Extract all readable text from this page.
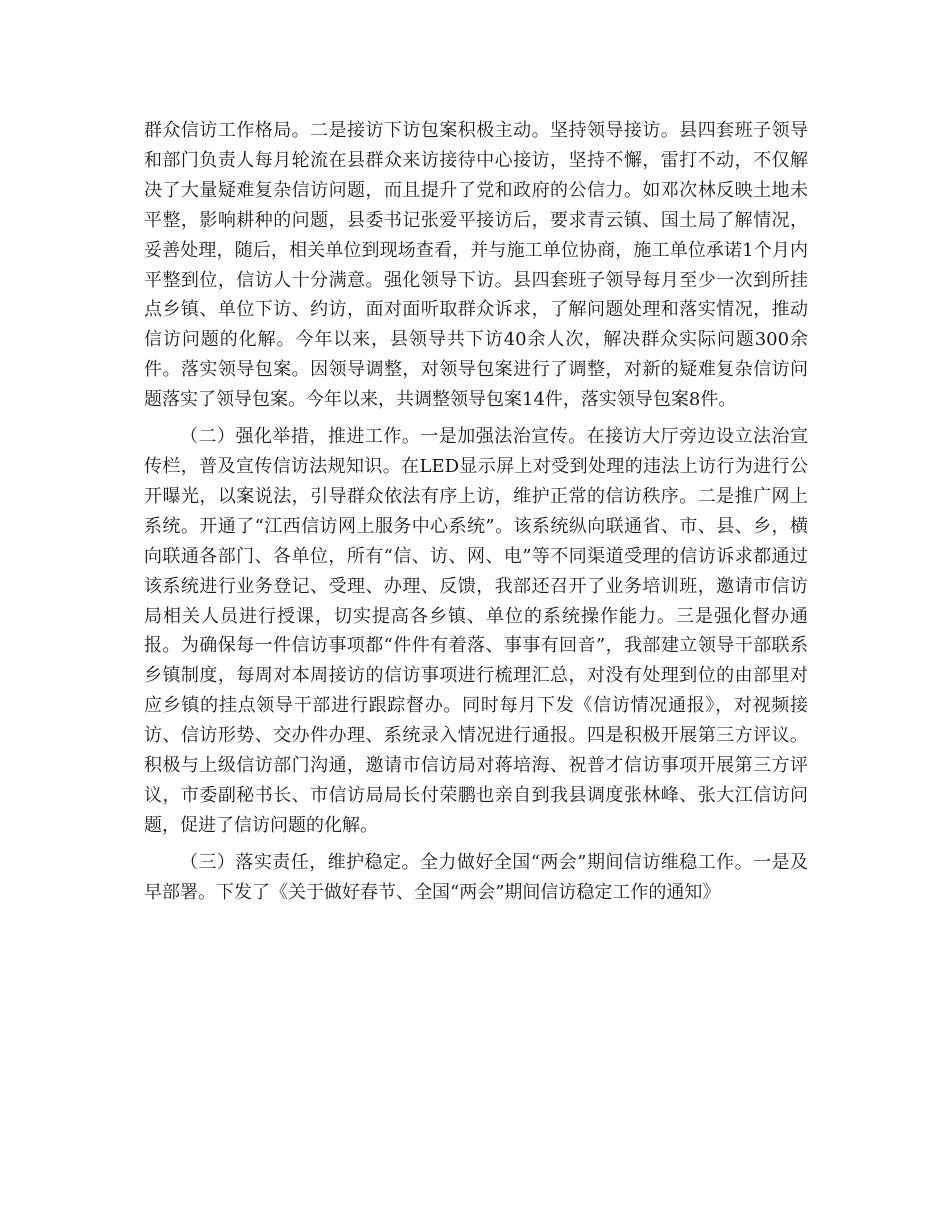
群众信访工作格局。二是接访下访包案积极主动。坚持领导接访。县四套班子领导和部门负责人每月轮流在县群众来访接待中心接访，坚持不懈，雷打不动，不仅解决了大量疑难复杂信访问题，而且提升了党和政府的公信力。如邓次林反映土地未平整，影响耕种的问题，县委书记张爱平接访后，要求青云镇、国土局了解情况，妥善处理，随后，相关单位到现场查看，并与施工单位协商，施工单位承诺1个月内平整到位，信访人十分满意。强化领导下访。县四套班子领导每月至少一次到所挂点乡镇、单位下访、约访，面对面听取群众诉求，了解问题处理和落实情况，推动信访问题的化解。今年以来，县领导共下访40余人次，解决群众实际问题300余件。落实领导包案。因领导调整，对领导包案进行了调整，对新的疑难复杂信访问题落实了领导包案。今年以来，共调整领导包案14件，落实领导包案8件。

（二）强化举措，推进工作。一是加强法治宣传。在接访大厅旁边设立法治宣传栏，普及宣传信访法规知识。在LED显示屏上对受到处理的违法上访行为进行公开曝光，以案说法，引导群众依法有序上访，维护正常的信访秩序。二是推广网上系统。开通了“江西信访网上服务中心系统”。该系统纵向联通省、市、县、乡，横向联通各部门、各单位，所有“信、访、网、电”等不同渠道受理的信访诉求都通过该系统进行业务登记、受理、办理、反馈，我部还召开了业务培训班，邀请市信访局相关人员进行授课，切实提高各乡镇、单位的系统操作能力。三是强化督办通报。为确保每一件信访事项都“件件有着落、事事有回音”，我部建立领导干部联系乡镇制度，每周对本周接访的信访事项进行梳理汇总，对没有处理到位的由部里对应乡镇的挂点领导干部进行跟踪督办。同时每月下发《信访情况通报》，对视频接访、信访形势、交办件办理、系统录入情况进行通报。四是积极开展第三方评议。积极与上级信访部门沟通，邀请市信访局对蒋培海、祝普才信访事项开展第三方评议，市委副秘书长、市信访局局长付荣鹏也亲自到我县调度张林峰、张大江信访问题，促进了信访问题的化解。

（三）落实责任，维护稳定。全力做好全国“两会”期间信访维稳工作。一是及早部署。下发了《关于做好春节、全国“两会”期间信访稳定工作的通知》
